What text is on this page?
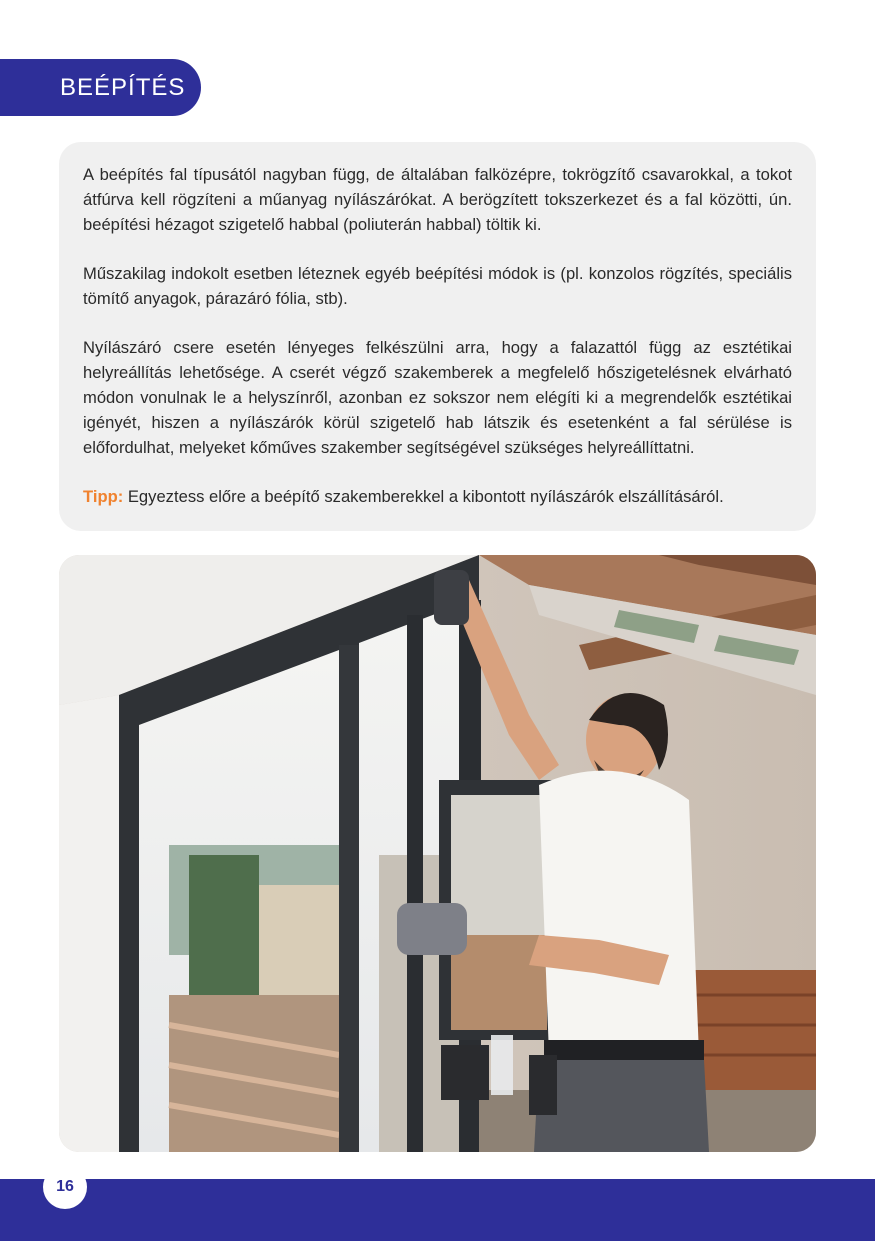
BEÉPÍTÉS

A beépítés fal típusától nagyban függ, de általában falközépre, tokrögzítő csavarokkal, a tokot átfúrva kell rögzíteni a műanyag nyílászárókat. A berögzített tokszerkezet és a fal közötti, ún. beépítési hézagot szigetelő habbal (poliuterán habbal) töltik ki.

Műszakilag indokolt esetben léteznek egyéb beépítési módok is (pl. konzolos rögzítés, speciális tömítő anyagok, párazáró fólia, stb).

Nyílászáró csere esetén lényeges felkészülni arra, hogy a falazattól függ az esztétikai helyreállítás lehetősége. A cserét végző szakemberek a megfelelő hőszigetelésnek elvárható módon vonulnak le a helyszínről, azonban ez sokszor nem elégíti ki a megrendelők esztétikai igényét, hiszen a nyílászárók körül szigetelő hab látszik és esetenként a fal sérülése is előfordulhat, melyeket kőműves szakember segítségével szükséges helyreállíttatni.

Tipp: Egyeztess előre a beépítő szakemberekkel a kibontott nyílászárók elszállításáról.

16
